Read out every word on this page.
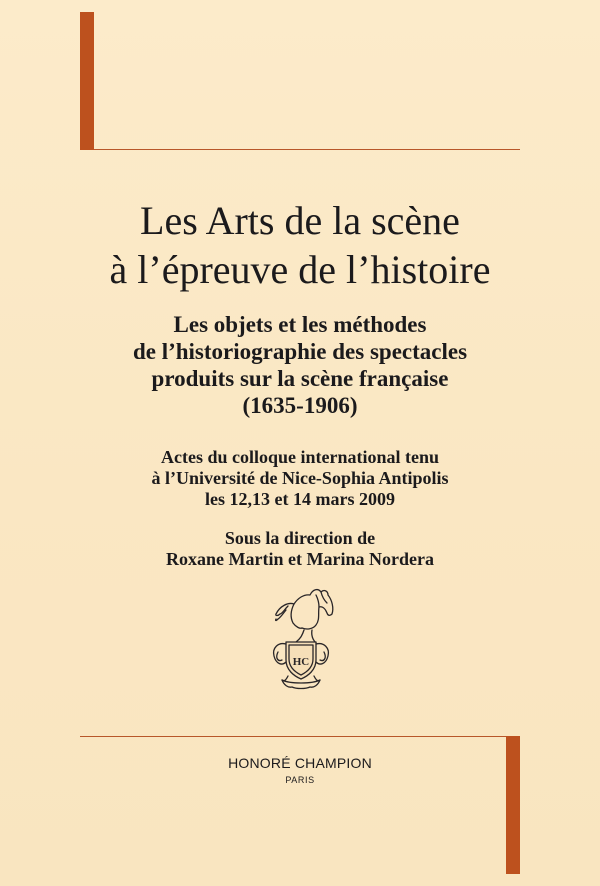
Les Arts de la scène
à l’épreuve de l’histoire
Les objets et les méthodes
de l’historiographie des spectacles
produits sur la scène française
(1635-1906)
Actes du colloque international tenu
à l’Université de Nice-Sophia Antipolis
les 12,13 et 14 mars 2009
Sous la direction de
Roxane Martin et Marina Nordera
HC
HONORÉ CHAMPION
PARIS
